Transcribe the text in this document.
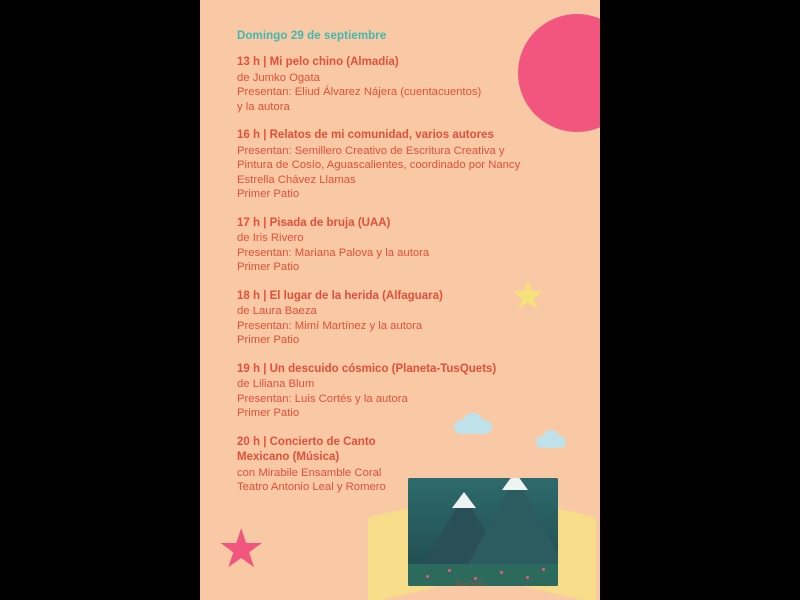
★
★
Domingo 29 de septiembre
13 h | Mi pelo chino (Almadía)
de Jumko Ogata
Presentan: Eliud Álvarez Nájera (cuentacuentos)
y la autora
16 h | Relatos de mi comunidad, varios autores
Presentan: Semillero Creativo de Escritura Creativa y
Pintura de Cosío, Aguascalientes, coordinado por Nancy
Estrella Chávez Llamas
Primer Patio
17 h | Pisada de bruja (UAA)
de Iris Rivero
Presentan: Mariana Palova y la autora
Primer Patio
18 h | El lugar de la herida (Alfaguara)
de Laura Baeza
Presentan: Mimí Martínez y la autora
Primer Patio
19 h | Un descuido cósmico (Planeta-TusQuets)
de Liliana Blum
Presentan: Luis Cortés y la autora
Primer Patio
20 h | Concierto de Canto
Mexicano (Música)
con Mirabile Ensamble Coral
Teatro Antonio Leal y Romero
Rochelo
